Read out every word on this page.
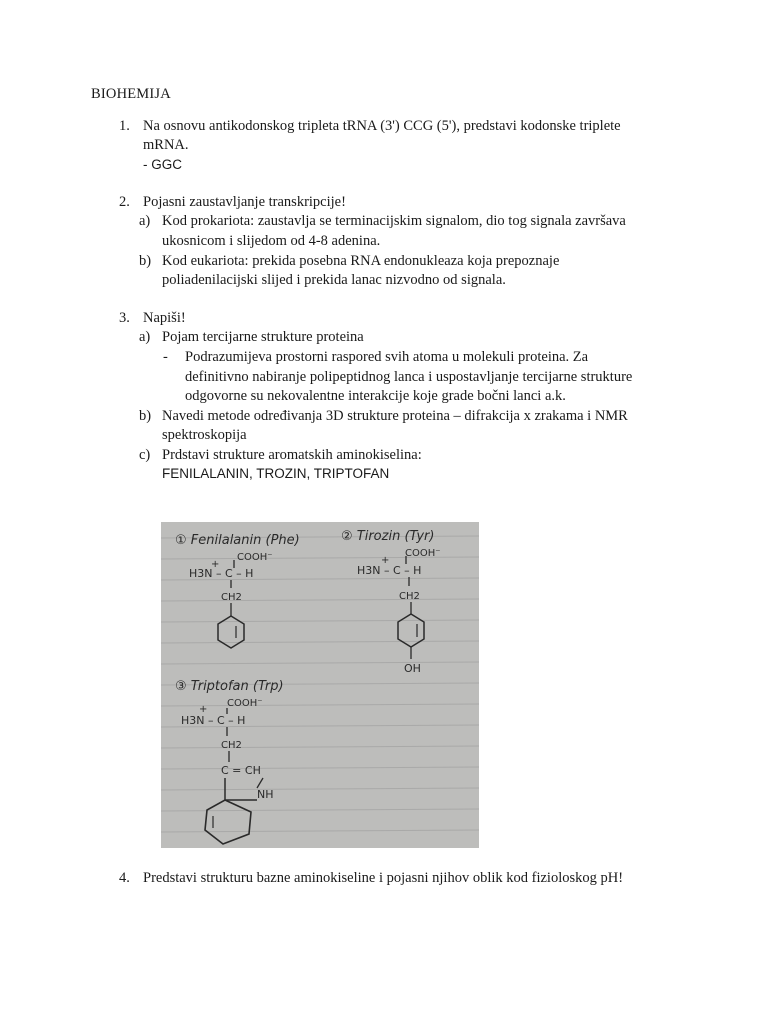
BIOHEMIJA
1. Na osnovu antikodonskog tripleta tRNA (3') CCG (5'), predstavi kodonske triplete
mRNA.
- GGC
2. Pojasni zaustavljanje transkripcije!
a) Kod prokariota: zaustavlja se terminacijskim signalom, dio tog signala završava
ukosnicom i slijedom od 4-8 adenina.
b) Kod eukariota: prekida posebna RNA endonukleaza koja prepoznaje
poliadenilacijski slijed i prekida lanac nizvodno od signala.
3. Napiši!
a) Pojam tercijarne strukture proteina
- Podrazumijeva prostorni raspored svih atoma u molekuli proteina. Za
definitivno nabiranje polipeptidnog lanca i uspostavljanje tercijarne strukture
odgovorne su nekovalentne interakcije koje grade bočni lanci a.k.
b) Navedi metode određivanja 3D strukture proteina – difrakcija x zrakama i NMR
spektroskopija
c) Prdstavi strukture aromatskih aminokiselina:
FENILALANIN, TROZIN, TRIPTOFAN
① Fenilalanin (Phe)
COOH⁻
+
H3N – C – H
CH2
② Tirozin (Tyr)
COOH⁻
+
H3N – C – H
CH2
OH
③ Triptofan (Trp)
COOH⁻
+
H3N – C – H
CH2
C = CH
NH
4. Predstavi strukturu bazne aminokiseline i pojasni njihov oblik kod fizioloskog pH!
